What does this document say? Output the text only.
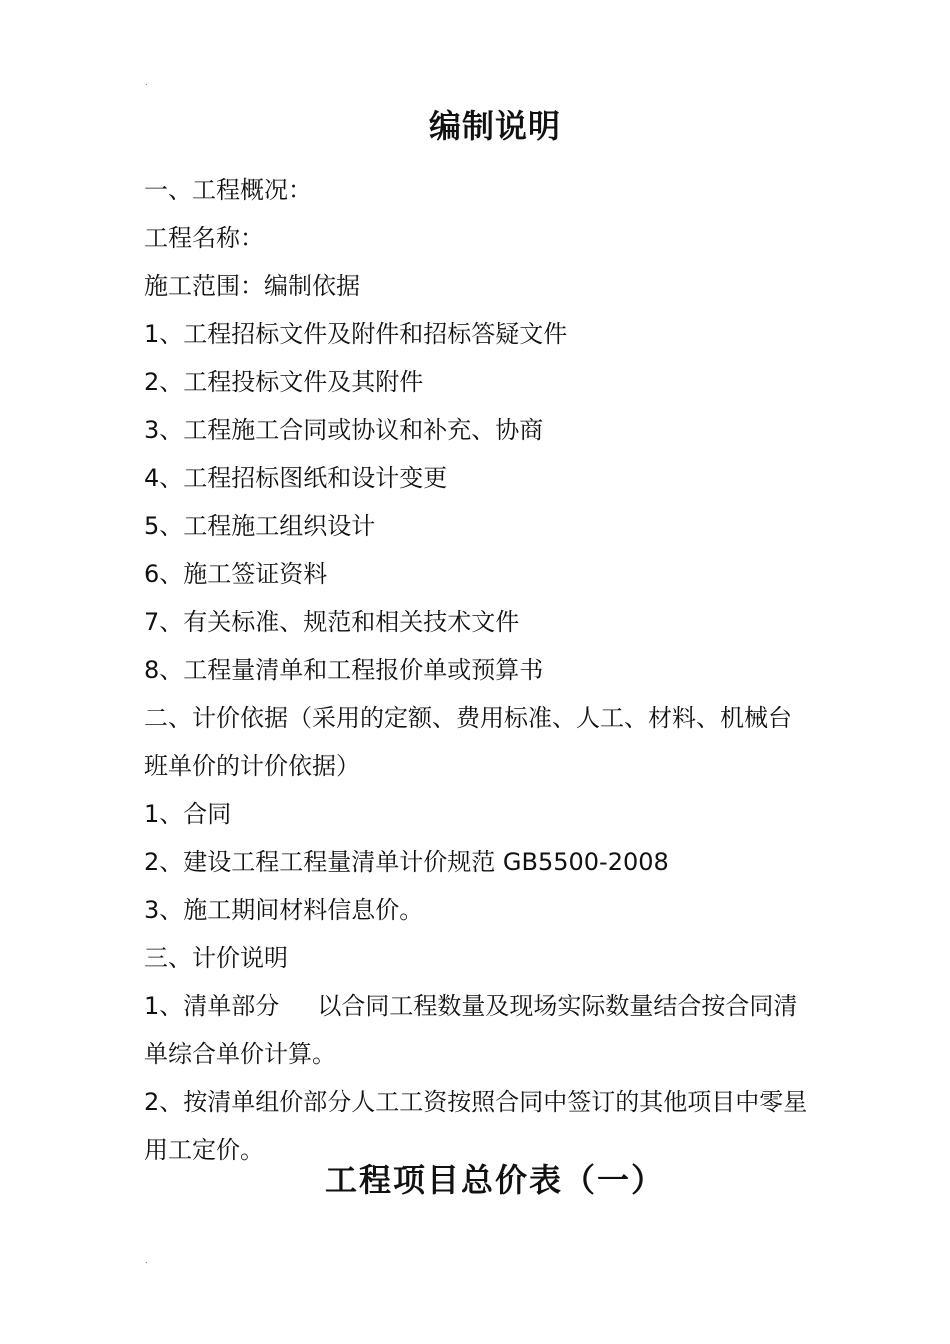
.
编制说明

一、工程概况：

工程名称：

施工范围：编制依据

1、工程招标文件及附件和招标答疑文件

2、工程投标文件及其附件

3、工程施工合同或协议和补充、协商

4、工程招标图纸和设计变更

5、工程施工组织设计

6、施工签证资料

7、有关标准、规范和相关技术文件

8、工程量清单和工程报价单或预算书

二、计价依据（采用的定额、费用标准、人工、材料、机械台班单价的计价依据）

1、合同

2、建设工程工程量清单计价规范 GB5500-2008

3、施工期间材料信息价。

三、计价说明

1、清单部分     以合同工程数量及现场实际数量结合按合同清单综合单价计算。

2、按清单组价部分人工工资按照合同中签订的其他项目中零星用工定价。

工程项目总价表（一）
.
